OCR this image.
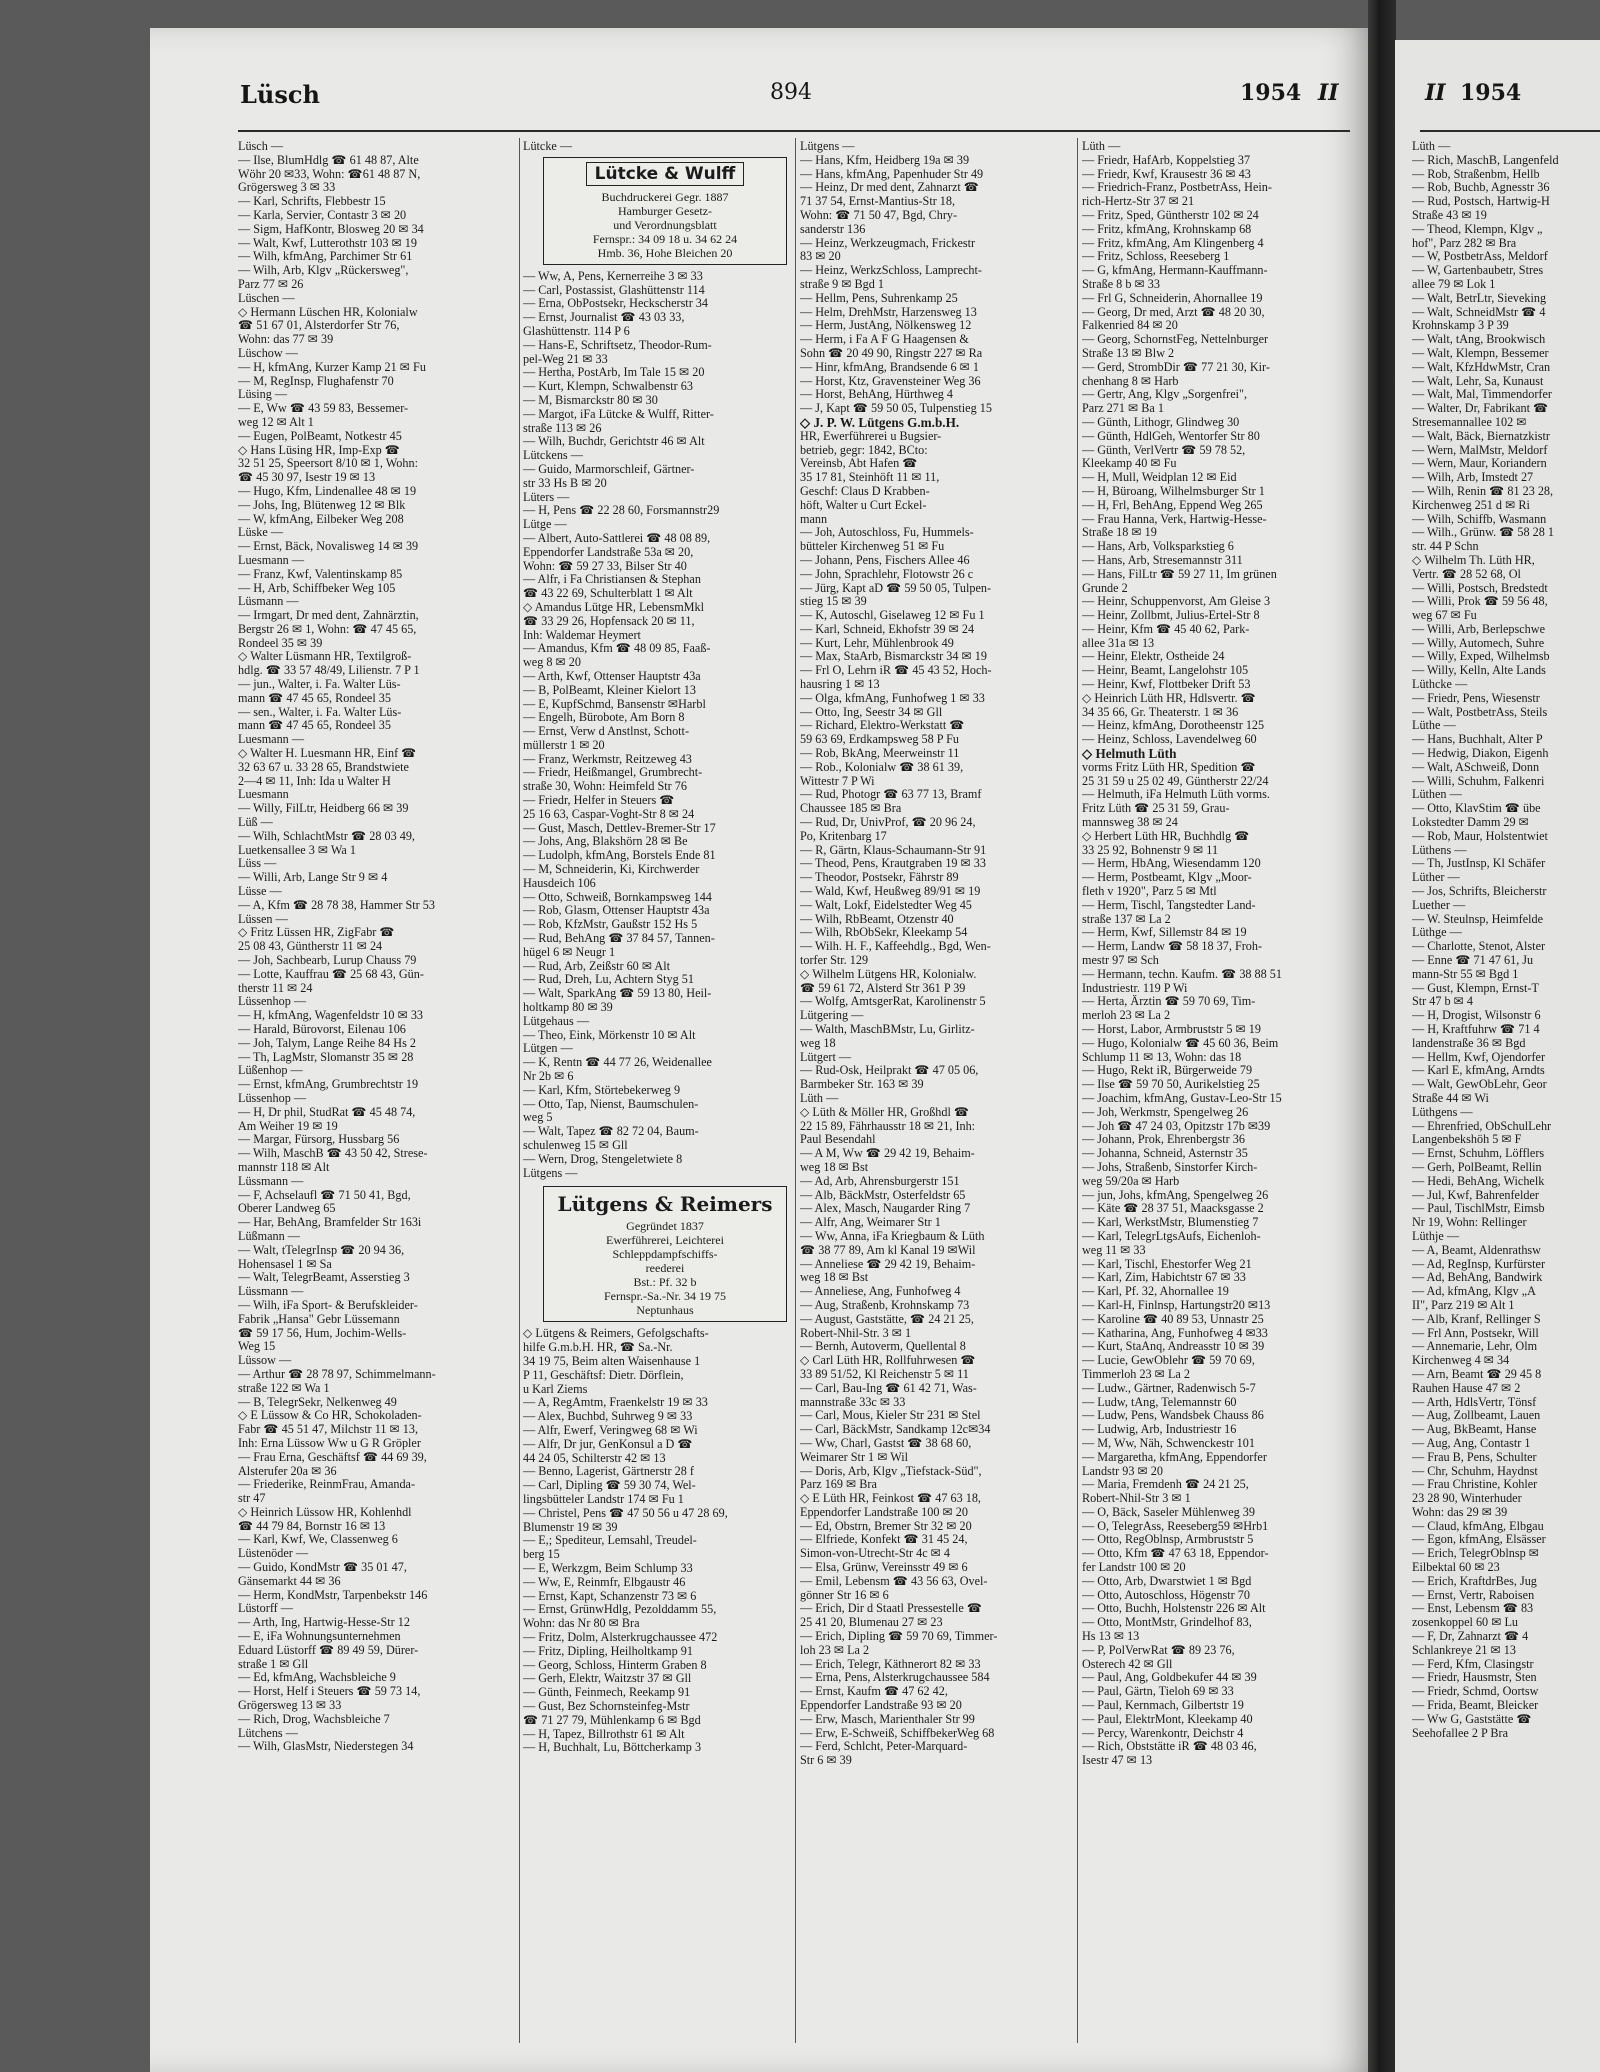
Lüsch	894	1954 II	II 1954
Lüsch —
— Ilse, BlumHdlg ☎ 61 48 87, Alte
Wöhr 20 ✉33, Wohn: ☎61 48 87 N,
Grögersweg 3 ✉ 33
— Karl, Schrifts, Flebbestr 15
— Karla, Servier, Contastr 3 ✉ 20
— Sigm, HafKontr, Blosweg 20 ✉ 34
— Walt, Kwf, Lutterothstr 103 ✉ 19
— Wilh, kfmAng, Parchimer Str 61
— Wilh, Arb, Klgv „Rückersweg",
Parz 77 ✉ 26
Lüschen —
◇ Hermann Lüschen HR, Kolonialw
☎ 51 67 01, Alsterdorfer Str 76,
Wohn: das 77 ✉ 39
Lüschow —
— H, kfmAng, Kurzer Kamp 21 ✉ Fu
— M, RegInsp, Flughafenstr 70
Lüsing —
— E, Ww ☎ 43 59 83, Bessemer-
weg 12 ✉ Alt 1
— Eugen, PolBeamt, Notkestr 45
◇ Hans Lüsing HR, Imp-Exp ☎
32 51 25, Speersort 8/10 ✉ 1, Wohn:
☎ 45 30 97, Isestr 19 ✉ 13
— Hugo, Kfm, Lindenallee 48 ✉ 19
— Johs, Ing, Blütenweg 12 ✉ Blk
— W, kfmAng, Eilbeker Weg 208
Lüske —
— Ernst, Bäck, Novalisweg 14 ✉ 39
Luesmann —
— Franz, Kwf, Valentinskamp 85
— H, Arb, Schiffbeker Weg 105
Lüsmann —
— Irmgart, Dr med dent, Zahnärztin,
Bergstr 26 ✉ 1, Wohn: ☎ 47 45 65,
Rondeel 35 ✉ 39
◇ Walter Lüsmann HR, Textilgroß-
hdlg. ☎ 33 57 48/49, Lilienstr. 7 P 1
— jun., Walter, i. Fa. Walter Lüs-
mann ☎ 47 45 65, Rondeel 35
— sen., Walter, i. Fa. Walter Lüs-
mann ☎ 47 45 65, Rondeel 35
Luesmann —
◇ Walter H. Luesmann HR, Einf ☎
32 63 67 u. 33 28 65, Brandstwiete
2—4 ✉ 11, Inh: Ida u Walter H
Luesmann
— Willy, FilLtr, Heidberg 66 ✉ 39
Lüß —
— Wilh, SchlachtMstr ☎ 28 03 49,
Luetkensallee 3 ✉ Wa 1
Lüss —
— Willi, Arb, Lange Str 9 ✉ 4
Lüsse —
— A, Kfm ☎ 28 78 38, Hammer Str 53
Lüssen —
◇ Fritz Lüssen HR, ZigFabr ☎
25 08 43, Güntherstr 11 ✉ 24
— Joh, Sachbearb, Lurup Chauss 79
— Lotte, Kauffrau ☎ 25 68 43, Gün-
therstr 11 ✉ 24
Lüssenhop —
— H, kfmAng, Wagenfeldstr 10 ✉ 33
— Harald, Bürovorst, Eilenau 106
— Joh, Talym, Lange Reihe 84 Hs 2
— Th, LagMstr, Slomanstr 35 ✉ 28
Lüßenhop —
— Ernst, kfmAng, Grumbrechtstr 19
Lüssenhop —
— H, Dr phil, StudRat ☎ 45 48 74,
Am Weiher 19 ✉ 19
— Margar, Fürsorg, Hussbarg 56
— Wilh, MaschB ☎ 43 50 42, Strese-
mannstr 118 ✉ Alt
Lüssmann —
— F, Achselaufl ☎ 71 50 41, Bgd,
Oberer Landweg 65
— Har, BehAng, Bramfelder Str 163i
Lüßmann —
— Walt, tTelegrInsp ☎ 20 94 36,
Hohensasel 1 ✉ Sa
— Walt, TelegrBeamt, Asserstieg 3
Lüssmann —
— Wilh, iFa Sport- & Berufskleider-
Fabrik „Hansa" Gebr Lüssemann
☎ 59 17 56, Hum, Jochim-Wells-
Weg 15
Lüssow —
— Arthur ☎ 28 78 97, Schimmelmann-
straße 122 ✉ Wa 1
— B, TelegrSekr, Nelkenweg 49
◇ E Lüssow & Co HR, Schokoladen-
Fabr ☎ 45 51 47, Milchstr 11 ✉ 13,
Inh: Erna Lüssow Ww u G R Gröpler
— Frau Erna, Geschäftsf ☎ 44 69 39,
Alsterufer 20a ✉ 36
— Friederike, ReinmFrau, Amanda-
str 47
◇ Heinrich Lüssow HR, Kohlenhdl
☎ 44 79 84, Bornstr 16 ✉ 13
— Karl, Kwf, We, Classenweg 6
Lüstenöder —
— Guido, KondMstr ☎ 35 01 47,
Gänsemarkt 44 ✉ 36
— Herm, KondMstr, Tarpenbekstr 146
Lüstorff —
— Arth, Ing, Hartwig-Hesse-Str 12
— E, iFa Wohnungsunternehmen
Eduard Lüstorff ☎ 89 49 59, Dürer-
straße 1 ✉ Gll
— Ed, kfmAng, Wachsbleiche 9
— Horst, Helf i Steuers ☎ 59 73 14,
Grögersweg 13 ✉ 33
— Rich, Drog, Wachsbleiche 7
Lütchens —
— Wilh, GlasMstr, Niederstegen 34
Lütcke —
Lütcke & Wulff
Buchdruckerei Gegr. 1887
Hamburger Gesetz-
und Verordnungsblatt
Fernspr.: 34 09 18 u. 34 62 24
Hmb. 36, Hohe Bleichen 20
— Ww, A, Pens, Kernerreihe 3 ✉ 33
— Carl, Postassist, Glashüttenstr 114
— Erna, ObPostsekr, Heckscherstr 34
— Ernst, Journalist ☎ 43 03 33,
Glashüttenstr. 114 P 6
— Hans-E, Schriftsetz, Theodor-Rum-
pel-Weg 21 ✉ 33
— Hertha, PostArb, Im Tale 15 ✉ 20
— Kurt, Klempn, Schwalbenstr 63
— M, Bismarckstr 80 ✉ 30
— Margot, iFa Lütcke & Wulff, Ritter-
straße 113 ✉ 26
— Wilh, Buchdr, Gerichtstr 46 ✉ Alt
Lütckens —
— Guido, Marmorschleif, Gärtner-
str 33 Hs B ✉ 20
Lüters —
— H, Pens ☎ 22 28 60, Forsmannstr29
Lütge —
— Albert, Auto-Sattlerei ☎ 48 08 89,
Eppendorfer Landstraße 53a ✉ 20,
Wohn: ☎ 59 27 33, Bilser Str 40
— Alfr, i Fa Christiansen & Stephan
☎ 43 22 69, Schulterblatt 1 ✉ Alt
◇ Amandus Lütge HR, LebensmMkl
☎ 33 29 26, Hopfensack 20 ✉ 11,
Inh: Waldemar Heymert
— Amandus, Kfm ☎ 48 09 85, Faaß-
weg 8 ✉ 20
— Arth, Kwf, Ottenser Hauptstr 43a
— B, PolBeamt, Kleiner Kielort 13
— E, KupfSchmd, Bansenstr ✉Harbl
— Engelh, Bürobote, Am Born 8
— Ernst, Verw d Anstlnst, Schott-
müllerstr 1 ✉ 20
— Franz, Werkmstr, Reitzeweg 43
— Friedr, Heißmangel, Grumbrecht-
straße 30, Wohn: Heimfeld Str 76
— Friedr, Helfer in Steuers ☎
25 16 63, Caspar-Voght-Str 8 ✉ 24
— Gust, Masch, Dettlev-Bremer-Str 17
— Johs, Ang, Blakshörn 28 ✉ Be
— Ludolph, kfmAng, Borstels Ende 81
— M, Schneiderin, Ki, Kirchwerder
Hausdeich 106
— Otto, Schweiß, Bornkampsweg 144
— Rob, Glasm, Ottenser Hauptstr 43a
— Rob, KfzMstr, Gaußstr 152 Hs 5
— Rud, BehAng ☎ 37 84 57, Tannen-
hügel 6 ✉ Neugr 1
— Rud, Arb, Zeißstr 60 ✉ Alt
— Rud, Dreh, Lu, Achtern Styg 51
— Walt, SparkAng ☎ 59 13 80, Heil-
holtkamp 80 ✉ 39
Lütgehaus —
— Theo, Eink, Mörkenstr 10 ✉ Alt
Lütgen —
— K, Rentn ☎ 44 77 26, Weidenallee
Nr 2b ✉ 6
— Karl, Kfm, Störtebekerweg 9
— Otto, Tap, Nienst, Baumschulen-
weg 5
— Walt, Tapez ☎ 82 72 04, Baum-
schulenweg 15 ✉ Gll
— Wern, Drog, Stengeletwiete 8
Lütgens —
Lütgens & Reimers
Gegründet 1837
Ewerführerei, Leichterei
Schleppdampfschiffs-
reederei
Bst.: Pf. 32 b
Fernspr.-Sa.-Nr. 34 19 75
Neptunhaus
◇ Lütgens & Reimers, Gefolgschafts-
hilfe G.m.b.H. HR, ☎ Sa.-Nr.
34 19 75, Beim alten Waisenhause 1
P 11, Geschäftsf: Dietr. Dörflein,
u Karl Ziems
— A, RegAmtm, Fraenkelstr 19 ✉ 33
— Alex, Buchbd, Suhrweg 9 ✉ 33
— Alfr, Ewerf, Veringweg 68 ✉ Wi
— Alfr, Dr jur, GenKonsul a D ☎
44 24 05, Schilterstr 42 ✉ 13
— Benno, Lagerist, Gärtnerstr 28 f
— Carl, Dipling ☎ 59 30 74, Wel-
lingsbütteler Landstr 174 ✉ Fu 1
— Christel, Pens ☎ 47 50 56 u 47 28 69,
Blumenstr 19 ✉ 39
— E,; Spediteur, Lemsahl, Treudel-
berg 15
— E, Werkzgm, Beim Schlump 33
— Ww, E, Reinmfr, Elbgaustr 46
— Ernst, Kapt, Schanzenstr 73 ✉ 6
— Ernst, GrünwHdlg, Pezolddamm 55,
Wohn: das Nr 80 ✉ Bra
— Fritz, Dolm, Alsterkrugchaussee 472
— Fritz, Dipling, Heilholtkamp 91
— Georg, Schloss, Hinterm Graben 8
— Gerh, Elektr, Waitzstr 37 ✉ Gll
— Günth, Feinmech, Reekamp 91
— Gust, Bez Schornsteinfeg-Mstr
☎ 71 27 79, Mühlenkamp 6 ✉ Bgd
— H, Tapez, Billrothstr 61 ✉ Alt
— H, Buchhalt, Lu, Böttcherkamp 3
Lütgens —
— Hans, Kfm, Heidberg 19a ✉ 39
— Hans, kfmAng, Papenhuder Str 49
— Heinz, Dr med dent, Zahnarzt ☎
71 37 54, Ernst-Mantius-Str 18,
Wohn: ☎ 71 50 47, Bgd, Chry-
sanderstr 136
— Heinz, Werkzeugmach, Frickestr
83 ✉ 20
— Heinz, WerkzSchloss, Lamprecht-
straße 9 ✉ Bgd 1
— Hellm, Pens, Suhrenkamp 25
— Helm, DrehMstr, Harzensweg 13
— Herm, JustAng, Nölkensweg 12
— Herm, i Fa A F G Haagensen &
Sohn ☎ 20 49 90, Ringstr 227 ✉ Ra
— Hinr, kfmAng, Brandsende 6 ✉ 1
— Horst, Ktz, Gravensteiner Weg 36
— Horst, BehAng, Hürthweg 4
— J, Kapt ☎ 59 50 05, Tulpenstieg 15
◇ J. P. W. Lütgens G.m.b.H.
HR, Ewerführerei u Bugsier-
betrieb, gegr: 1842, BCto:
Vereinsb, Abt Hafen ☎
35 17 81, Steinhöft 11 ✉ 11,
Geschf: Claus D Krabben-
höft, Walter u Curt Eckel-
mann
— Joh, Autoschloss, Fu, Hummels-
bütteler Kirchenweg 51 ✉ Fu
— Johann, Pens, Fischers Allee 46
— John, Sprachlehr, Flotowstr 26 c
— Jürg, Kapt aD ☎ 59 50 05, Tulpen-
stieg 15 ✉ 39
— K, Autoschl, Giselaweg 12 ✉ Fu 1
— Karl, Schneid, Ekhofstr 39 ✉ 24
— Kurt, Lehr, Mühlenbrook 49
— Max, StaArb, Bismarckstr 34 ✉ 19
— Frl O, Lehrn iR ☎ 45 43 52, Hoch-
hausring 1 ✉ 13
— Olga, kfmAng, Funhofweg 1 ✉ 33
— Otto, Ing, Seestr 34 ✉ Gll
— Richard, Elektro-Werkstatt ☎
59 63 69, Erdkampsweg 58 P Fu
— Rob, BkAng, Meerweinstr 11
— Rob., Kolonialw ☎ 38 61 39,
Wittestr 7 P Wi
— Rud, Photogr ☎ 63 77 13, Bramf
Chaussee 185 ✉ Bra
— Rud, Dr, UnivProf, ☎ 20 96 24,
Po, Kritenbarg 17
— R, Gärtn, Klaus-Schaumann-Str 91
— Theod, Pens, Krautgraben 19 ✉ 33
— Theodor, Postsekr, Fährstr 89
— Wald, Kwf, Heußweg 89/91 ✉ 19
— Walt, Lokf, Eidelstedter Weg 45
— Wilh, RbBeamt, Otzenstr 40
— Wilh, RbObSekr, Kleekamp 54
— Wilh. H. F., Kaffeehdlg., Bgd, Wen-
torfer Str. 129
◇ Wilhelm Lütgens HR, Kolonialw.
☎ 59 61 72, Alsterd Str 361 P 39
— Wolfg, AmtsgerRat, Karolinenstr 5
Lütgering —
— Walth, MaschBMstr, Lu, Girlitz-
weg 18
Lütgert —
— Rud-Osk, Heilprakt ☎ 47 05 06,
Barmbeker Str. 163 ✉ 39
Lüth —
◇ Lüth & Möller HR, Großhdl ☎
22 15 89, Fährhausstr 18 ✉ 21, Inh:
Paul Besendahl
— A M, Ww ☎ 29 42 19, Behaim-
weg 18 ✉ Bst
— Ad, Arb, Ahrensburgerstr 151
— Alb, BäckMstr, Osterfeldstr 65
— Alex, Masch, Naugarder Ring 7
— Alfr, Ang, Weimarer Str 1
— Ww, Anna, iFa Kriegbaum & Lüth
☎ 38 77 89, Am kl Kanal 19 ✉Wil
— Anneliese ☎ 29 42 19, Behaim-
weg 18 ✉ Bst
— Anneliese, Ang, Funhofweg 4
— Aug, Straßenb, Krohnskamp 73
— August, Gaststätte, ☎ 24 21 25,
Robert-Nhil-Str. 3 ✉ 1
— Bernh, Autoverm, Quellental 8
◇ Carl Lüth HR, Rollfuhrwesen ☎
33 89 51/52, Kl Reichenstr 5 ✉ 11
— Carl, Bau-Ing ☎ 61 42 71, Was-
mannstraße 33c ✉ 33
— Carl, Mous, Kieler Str 231 ✉ Stel
— Carl, BäckMstr, Sandkamp 12c✉34
— Ww, Charl, Gastst ☎ 38 68 60,
Weimarer Str 1 ✉ Wil
— Doris, Arb, Klgv „Tiefstack-Süd",
Parz 169 ✉ Bra
◇ E Lüth HR, Feinkost ☎ 47 63 18,
Eppendorfer Landstraße 100 ✉ 20
— Ed, Obstrn, Bremer Str 32 ✉ 20
— Elfriede, Konfekt ☎ 31 45 24,
Simon-von-Utrecht-Str 4c ✉ 4
— Elsa, Grünw, Vereinsstr 49 ✉ 6
— Emil, Lebensm ☎ 43 56 63, Ovel-
gönner Str 16 ✉ 6
— Erich, Dir d Staatl Pressestelle ☎
25 41 20, Blumenau 27 ✉ 23
— Erich, Dipling ☎ 59 70 69, Timmer-
loh 23 ✉ La 2
— Erich, Telegr, Käthnerort 82 ✉ 33
— Erna, Pens, Alsterkrugchaussee 584
— Ernst, Kaufm ☎ 47 62 42,
Eppendorfer Landstraße 93 ✉ 20
— Erw, Masch, Marienthaler Str 99
— Erw, E-Schweiß, SchiffbekerWeg 68
— Ferd, Schlcht, Peter-Marquard-
Str 6 ✉ 39
Lüth —
— Friedr, HafArb, Koppelstieg 37
— Friedr, Kwf, Krausestr 36 ✉ 43
— Friedrich-Franz, PostbetrAss, Hein-
rich-Hertz-Str 37 ✉ 21
— Fritz, Sped, Güntherstr 102 ✉ 24
— Fritz, kfmAng, Krohnskamp 68
— Fritz, kfmAng, Am Klingenberg 4
— Fritz, Schloss, Reeseberg 1
— G, kfmAng, Hermann-Kauffmann-
Straße 8 b ✉ 33
— Frl G, Schneiderin, Ahornallee 19
— Georg, Dr med, Arzt ☎ 48 20 30,
Falkenried 84 ✉ 20
— Georg, SchornstFeg, Nettelnburger
Straße 13 ✉ Blw 2
— Gerd, StrombDir ☎ 77 21 30, Kir-
chenhang 8 ✉ Harb
— Gertr, Ang, Klgv „Sorgenfrei",
Parz 271 ✉ Ba 1
— Günth, Lithogr, Glindweg 30
— Günth, HdlGeh, Wentorfer Str 80
— Günth, VerlVertr ☎ 59 78 52,
Kleekamp 40 ✉ Fu
— H, Mull, Weidplan 12 ✉ Eid
— H, Büroang, Wilhelmsburger Str 1
— H, Frl, BehAng, Eppend Weg 265
— Frau Hanna, Verk, Hartwig-Hesse-
Straße 18 ✉ 19
— Hans, Arb, Volksparkstieg 6
— Hans, Arb, Stresemannstr 311
— Hans, FilLtr ☎ 59 27 11, Im grünen
Grunde 2
— Heinr, Schuppenvorst, Am Gleise 3
— Heinr, Zollbmt, Julius-Ertel-Str 8
— Heinr, Kfm ☎ 45 40 62, Park-
allee 31a ✉ 13
— Heinr, Elektr, Ostheide 24
— Heinr, Beamt, Langelohstr 105
— Heinr, Kwf, Flottbeker Drift 53
◇ Heinrich Lüth HR, Hdlsvertr. ☎
34 35 66, Gr. Theaterstr. 1 ✉ 36
— Heinz, kfmAng, Dorotheenstr 125
— Heinz, Schloss, Lavendelweg 60
◇ Helmuth Lüth
vorms Fritz Lüth HR, Spedition ☎
25 31 59 u 25 02 49, Güntherstr 22/24
— Helmuth, iFa Helmuth Lüth vorms.
Fritz Lüth ☎ 25 31 59, Grau-
mannsweg 38 ✉ 24
◇ Herbert Lüth HR, Buchhdlg ☎
33 25 92, Bohnenstr 9 ✉ 11
— Herm, HbAng, Wiesendamm 120
— Herm, Postbeamt, Klgv „Moor-
fleth v 1920", Parz 5 ✉ Mtl
— Herm, Tischl, Tangstedter Land-
straße 137 ✉ La 2
— Herm, Kwf, Sillemstr 84 ✉ 19
— Herm, Landw ☎ 58 18 37, Froh-
mestr 97 ✉ Sch
— Hermann, techn. Kaufm. ☎ 38 88 51
Industriestr. 119 P Wi
— Herta, Ärztin ☎ 59 70 69, Tim-
merloh 23 ✉ La 2
— Horst, Labor, Armbruststr 5 ✉ 19
— Hugo, Kolonialw ☎ 45 60 36, Beim
Schlump 11 ✉ 13, Wohn: das 18
— Hugo, Rekt iR, Bürgerweide 79
— Ilse ☎ 59 70 50, Aurikelstieg 25
— Joachim, kfmAng, Gustav-Leo-Str 15
— Joh, Werkmstr, Spengelweg 26
— Joh ☎ 47 24 03, Opitzstr 17b ✉39
— Johann, Prok, Ehrenbergstr 36
— Johanna, Schneid, Asternstr 35
— Johs, Straßenb, Sinstorfer Kirch-
weg 59/20a ✉ Harb
— jun, Johs, kfmAng, Spengelweg 26
— Käte ☎ 28 37 51, Maacksgasse 2
— Karl, WerkstMstr, Blumenstieg 7
— Karl, TelegrLtgsAufs, Eichenloh-
weg 11 ✉ 33
— Karl, Tischl, Ehestorfer Weg 21
— Karl, Zim, Habichtstr 67 ✉ 33
— Karl, Pf. 32, Ahornallee 19
— Karl-H, Finlnsp, Hartungstr20 ✉13
— Karoline ☎ 40 89 53, Unnastr 25
— Katharina, Ang, Funhofweg 4 ✉33
— Kurt, StaAnq, Andreasstr 10 ✉ 39
— Lucie, GewOblehr ☎ 59 70 69,
Timmerloh 23 ✉ La 2
— Ludw., Gärtner, Radenwisch 5-7
— Ludw, tAng, Telemannstr 60
— Ludw, Pens, Wandsbek Chauss 86
— Ludwig, Arb, Industriestr 16
— M, Ww, Näh, Schwenckestr 101
— Margaretha, kfmAng, Eppendorfer
Landstr 93 ✉ 20
— Maria, Fremdenh ☎ 24 21 25,
Robert-Nhil-Str 3 ✉ 1
— O, Bäck, Saseler Mühlenweg 39
— O, TelegrAss, Reeseberg59 ✉Hrb1
— Otto, RegOblnsp, Armbruststr 5
— Otto, Kfm ☎ 47 63 18, Eppendor-
fer Landstr 100 ✉ 20
— Otto, Arb, Dwarstwiet 1 ✉ Bgd
— Otto, Autoschloss, Högenstr 70
— Otto, Buchh, Holstenstr 226 ✉ Alt
— Otto, MontMstr, Grindelhof 83,
Hs 13 ✉ 13
— P, PolVerwRat ☎ 89 23 76,
Osterech 42 ✉ Gll
— Paul, Ang, Goldbekufer 44 ✉ 39
— Paul, Gärtn, Tieloh 69 ✉ 33
— Paul, Kernmach, Gilbertstr 19
— Paul, ElektrMont, Kleekamp 40
— Percy, Warenkontr, Deichstr 4
— Rich, Obststätte iR ☎ 48 03 46,
Isestr 47 ✉ 13
Lüth —
— Rich, MaschB, Langenfeld
— Rob, Straßenbm, Hellb
— Rob, Buchb, Agnesstr 36
— Rud, Postsch, Hartwig-H
Straße 43 ✉ 19
— Theod, Klempn, Klgv „
hof", Parz 282 ✉ Bra
— W, PostbetrAss, Meldorf
— W, Gartenbaubetr, Stres
allee 79 ✉ Lok 1
— Walt, BetrLtr, Sieveking
— Walt, SchneidMstr ☎ 4
Krohnskamp 3 P 39
— Walt, tAng, Brookwisch
— Walt, Klempn, Bessemer
— Walt, KfzHdwMstr, Cran
— Walt, Lehr, Sa, Kunaust
— Walt, Mal, Timmendorfer
— Walter, Dr, Fabrikant ☎
Stresemannallee 102 ✉
— Walt, Bäck, Biernatzkistr
— Wern, MalMstr, Meldorf
— Wern, Maur, Koriandern
— Wilh, Arb, Imstedt 27
— Wilh, Renin ☎ 81 23 28,
Kirchenweg 251 d ✉ Ri
— Wilh, Schiffb, Wasmann
— Wilh., Grünw. ☎ 58 28 1
str. 44 P Schn
◇ Wilhelm Th. Lüth HR,
Vertr. ☎ 28 52 68, Ol
— Willi, Postsch, Bredstedt
— Willi, Prok ☎ 59 56 48,
weg 67 ✉ Fu
— Willi, Arb, Berlepschwe
— Willy, Automech, Suhre
— Willy, Exped, Wilhelmsb
— Willy, Kelln, Alte Lands
Lüthcke —
— Friedr, Pens, Wiesenstr
— Walt, PostbetrAss, Steils
Lüthe —
— Hans, Buchhalt, Alter P
— Hedwig, Diakon, Eigenh
— Walt, ASchweiß, Donn
— Willi, Schuhm, Falkenri
Lüthen —
— Otto, KlavStim ☎ übe
Lokstedter Damm 29 ✉
— Rob, Maur, Holstentwiet
Lüthens —
— Th, JustInsp, Kl Schäfer
Lüther —
— Jos, Schrifts, Bleicherstr
Luether —
— W. Steulnsp, Heimfelde
Lüthge —
— Charlotte, Stenot, Alster
— Enne ☎ 71 47 61, Ju
mann-Str 55 ✉ Bgd 1
— Gust, Klempn, Ernst-T
Str 47 b ✉ 4
— H, Drogist, Wilsonstr 6
— H, Kraftfuhrw ☎ 71 4
landenstraße 36 ✉ Bgd
— Hellm, Kwf, Ojendorfer
— Karl E, kfmAng, Arndts
— Walt, GewObLehr, Geor
Straße 44 ✉ Wi
Lüthgens —
— Ehrenfried, ObSchulLehr
Langenbekshöh 5 ✉ F
— Ernst, Schuhm, Löfflers
— Gerh, PolBeamt, Rellin
— Hedi, BehAng, Wichelk
— Jul, Kwf, Bahrenfelder
— Paul, TischlMstr, Eimsb
Nr 19, Wohn: Rellinger
Lüthje —
— A, Beamt, Aldenrathsw
— Ad, RegInsp, Kurfürster
— Ad, BehAng, Bandwirk
— Ad, kfmAng, Klgv „A
II", Parz 219 ✉ Alt 1
— Alb, Kranf, Rellinger S
— Frl Ann, Postsekr, Will
— Annemarie, Lehr, Olm
Kirchenweg 4 ✉ 34
— Arn, Beamt ☎ 29 45 8
Rauhen Hause 47 ✉ 2
— Arth, HdlsVertr, Tönsf
— Aug, Zollbeamt, Lauen
— Aug, BkBeamt, Hanse
— Aug, Ang, Contastr 1
— Frau B, Pens, Schulter
— Chr, Schuhm, Haydnst
— Frau Christine, Kohler
23 28 90, Winterhuder
Wohn: das 29 ✉ 39
— Claud, kfmAng, Elbgau
— Egon, kfmAng, Elsässer
— Erich, TelegrOblnsp ✉
Eilbektal 60 ✉ 23
— Erich, KraftdrBes, Jug
— Ernst, Vertr, Raboisen
— Enst, Lebensm ☎ 83
zosenkoppel 60 ✉ Lu
— F, Dr, Zahnarzt ☎ 4
Schlankreye 21 ✉ 13
— Ferd, Kfm, Clasingstr
— Friedr, Hausmstr, Sten
— Friedr, Schmd, Oortsw
— Frida, Beamt, Bleicker
— Ww G, Gaststätte ☎
Seehofallee 2 P Bra
